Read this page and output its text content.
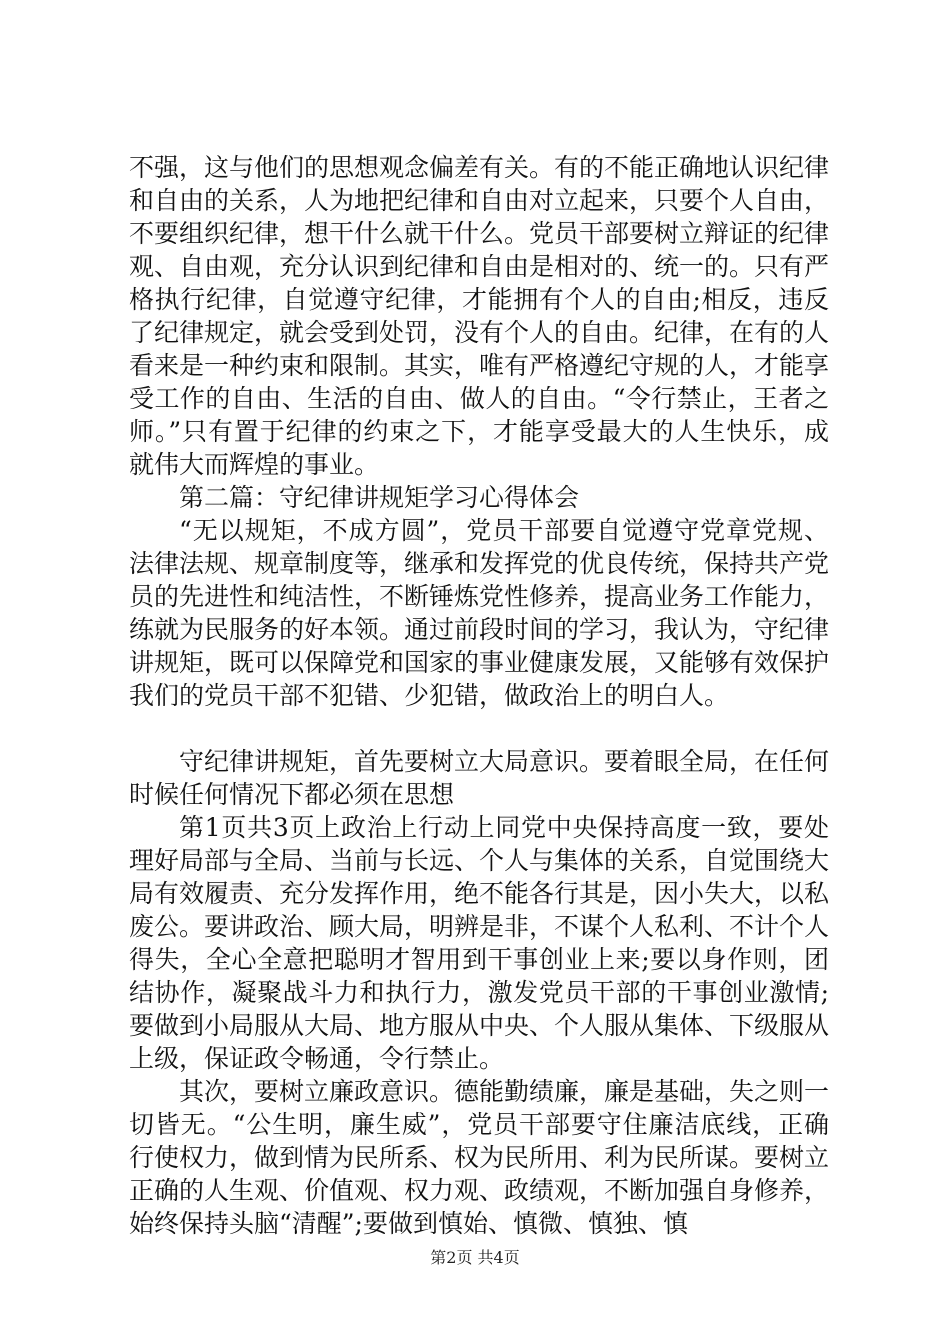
不强，这与他们的思想观念偏差有关。有的不能正确地认识纪律和自由的关系，人为地把纪律和自由对立起来，只要个人自由，不要组织纪律，想干什么就干什么。党员干部要树立辩证的纪律观、自由观，充分认识到纪律和自由是相对的、统一的。只有严格执行纪律，自觉遵守纪律，才能拥有个人的自由;相反，违反了纪律规定，就会受到处罚，没有个人的自由。纪律，在有的人看来是一种约束和限制。其实，唯有严格遵纪守规的人，才能享受工作的自由、生活的自由、做人的自由。“令行禁止，王者之师。”只有置于纪律的约束之下，才能享受最大的人生快乐，成就伟大而辉煌的事业。

第二篇：守纪律讲规矩学习心得体会

“无以规矩，不成方圆”，党员干部要自觉遵守党章党规、法律法规、规章制度等，继承和发挥党的优良传统，保持共产党员的先进性和纯洁性，不断锤炼党性修养，提高业务工作能力，练就为民服务的好本领。通过前段时间的学习，我认为，守纪律讲规矩，既可以保障党和国家的事业健康发展，又能够有效保护我们的党员干部不犯错、少犯错，做政治上的明白人。

守纪律讲规矩，首先要树立大局意识。要着眼全局，在任何时候任何情况下都必须在思想

第1页共3页上政治上行动上同党中央保持高度一致，要处理好局部与全局、当前与长远、个人与集体的关系，自觉围绕大局有效履责、充分发挥作用，绝不能各行其是，因小失大，以私废公。要讲政治、顾大局，明辨是非，不谋个人私利、不计个人得失，全心全意把聪明才智用到干事创业上来;要以身作则，团结协作，凝聚战斗力和执行力，激发党员干部的干事创业激情;要做到小局服从大局、地方服从中央、个人服从集体、下级服从上级，保证政令畅通，令行禁止。

其次，要树立廉政意识。德能勤绩廉，廉是基础，失之则一切皆无。“公生明，廉生威”，党员干部要守住廉洁底线，正确行使权力，做到情为民所系、权为民所用、利为民所谋。要树立正确的人生观、价值观、权力观、政绩观，不断加强自身修养，始终保持头脑“清醒”;要做到慎始、慎微、慎独、慎

第2页 共4页
